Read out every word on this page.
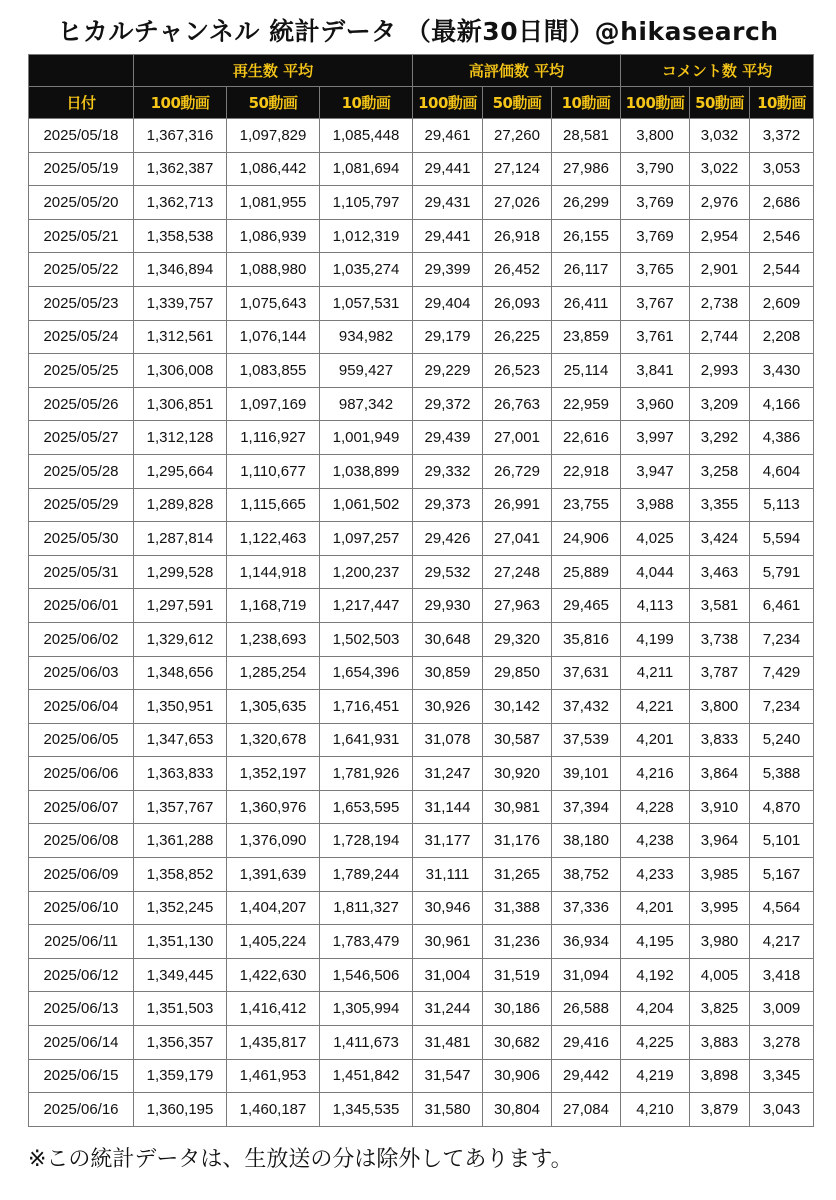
ヒカルチャンネル 統計データ （最新30日間）@hikasearch
	再生数 平均			高評価数 平均			コメント数 平均		
日付	100動画	50動画	10動画	100動画	50動画	10動画	100動画	50動画	10動画
2025/05/18	1,367,316	1,097,829	1,085,448	29,461	27,260	28,581	3,800	3,032	3,372
2025/05/19	1,362,387	1,086,442	1,081,694	29,441	27,124	27,986	3,790	3,022	3,053
2025/05/20	1,362,713	1,081,955	1,105,797	29,431	27,026	26,299	3,769	2,976	2,686
2025/05/21	1,358,538	1,086,939	1,012,319	29,441	26,918	26,155	3,769	2,954	2,546
2025/05/22	1,346,894	1,088,980	1,035,274	29,399	26,452	26,117	3,765	2,901	2,544
2025/05/23	1,339,757	1,075,643	1,057,531	29,404	26,093	26,411	3,767	2,738	2,609
2025/05/24	1,312,561	1,076,144	934,982	29,179	26,225	23,859	3,761	2,744	2,208
2025/05/25	1,306,008	1,083,855	959,427	29,229	26,523	25,114	3,841	2,993	3,430
2025/05/26	1,306,851	1,097,169	987,342	29,372	26,763	22,959	3,960	3,209	4,166
2025/05/27	1,312,128	1,116,927	1,001,949	29,439	27,001	22,616	3,997	3,292	4,386
2025/05/28	1,295,664	1,110,677	1,038,899	29,332	26,729	22,918	3,947	3,258	4,604
2025/05/29	1,289,828	1,115,665	1,061,502	29,373	26,991	23,755	3,988	3,355	5,113
2025/05/30	1,287,814	1,122,463	1,097,257	29,426	27,041	24,906	4,025	3,424	5,594
2025/05/31	1,299,528	1,144,918	1,200,237	29,532	27,248	25,889	4,044	3,463	5,791
2025/06/01	1,297,591	1,168,719	1,217,447	29,930	27,963	29,465	4,113	3,581	6,461
2025/06/02	1,329,612	1,238,693	1,502,503	30,648	29,320	35,816	4,199	3,738	7,234
2025/06/03	1,348,656	1,285,254	1,654,396	30,859	29,850	37,631	4,211	3,787	7,429
2025/06/04	1,350,951	1,305,635	1,716,451	30,926	30,142	37,432	4,221	3,800	7,234
2025/06/05	1,347,653	1,320,678	1,641,931	31,078	30,587	37,539	4,201	3,833	5,240
2025/06/06	1,363,833	1,352,197	1,781,926	31,247	30,920	39,101	4,216	3,864	5,388
2025/06/07	1,357,767	1,360,976	1,653,595	31,144	30,981	37,394	4,228	3,910	4,870
2025/06/08	1,361,288	1,376,090	1,728,194	31,177	31,176	38,180	4,238	3,964	5,101
2025/06/09	1,358,852	1,391,639	1,789,244	31,111	31,265	38,752	4,233	3,985	5,167
2025/06/10	1,352,245	1,404,207	1,811,327	30,946	31,388	37,336	4,201	3,995	4,564
2025/06/11	1,351,130	1,405,224	1,783,479	30,961	31,236	36,934	4,195	3,980	4,217
2025/06/12	1,349,445	1,422,630	1,546,506	31,004	31,519	31,094	4,192	4,005	3,418
2025/06/13	1,351,503	1,416,412	1,305,994	31,244	30,186	26,588	4,204	3,825	3,009
2025/06/14	1,356,357	1,435,817	1,411,673	31,481	30,682	29,416	4,225	3,883	3,278
2025/06/15	1,359,179	1,461,953	1,451,842	31,547	30,906	29,442	4,219	3,898	3,345
2025/06/16	1,360,195	1,460,187	1,345,535	31,580	30,804	27,084	4,210	3,879	3,043
※この統計データは、生放送の分は除外してあります。
